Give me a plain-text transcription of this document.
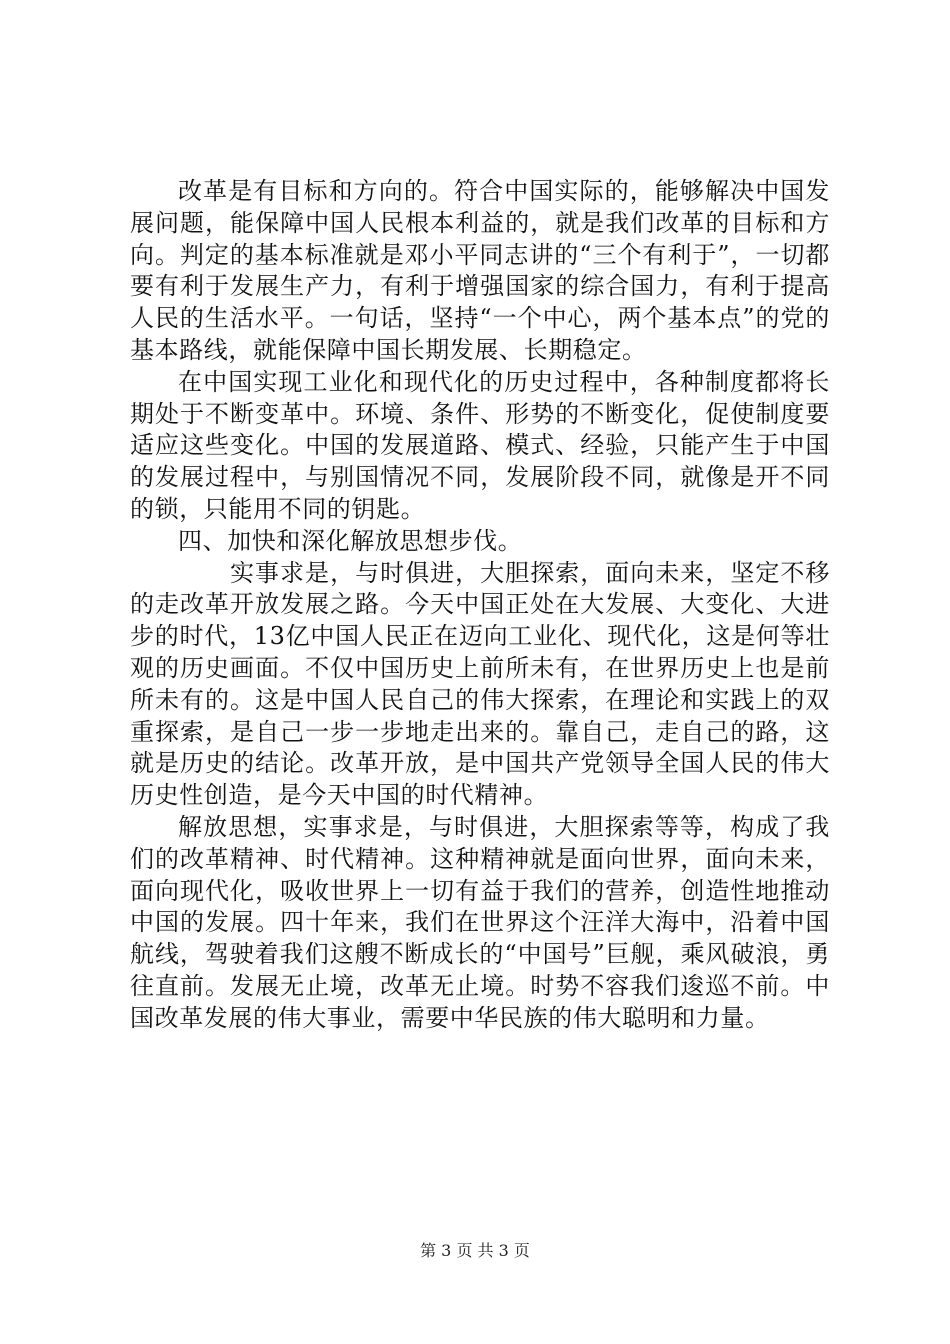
改革是有目标和方向的。符合中国实际的，能够解决中国发展问题，能保障中国人民根本利益的，就是我们改革的目标和方向。判定的基本标准就是邓小平同志讲的“三个有利于”，一切都要有利于发展生产力，有利于增强国家的综合国力，有利于提高人民的生活水平。一句话，坚持“一个中心，两个基本点”的党的基本路线，就能保障中国长期发展、长期稳定。

在中国实现工业化和现代化的历史过程中，各种制度都将长期处于不断变革中。环境、条件、形势的不断变化，促使制度要适应这些变化。中国的发展道路、模式、经验，只能产生于中国的发展过程中，与别国情况不同，发展阶段不同，就像是开不同的锁，只能用不同的钥匙。

四、加快和深化解放思想步伐。

实事求是，与时俱进，大胆探索，面向未来，坚定不移的走改革开放发展之路。今天中国正处在大发展、大变化、大进步的时代，13亿中国人民正在迈向工业化、现代化，这是何等壮观的历史画面。不仅中国历史上前所未有，在世界历史上也是前所未有的。这是中国人民自己的伟大探索，在理论和实践上的双重探索，是自己一步一步地走出来的。靠自己，走自己的路，这就是历史的结论。改革开放，是中国共产党领导全国人民的伟大历史性创造，是今天中国的时代精神。

解放思想，实事求是，与时俱进，大胆探索等等，构成了我们的改革精神、时代精神。这种精神就是面向世界，面向未来，面向现代化，吸收世界上一切有益于我们的营养，创造性地推动中国的发展。四十年来，我们在世界这个汪洋大海中，沿着中国航线，驾驶着我们这艘不断成长的“中国号”巨舰，乘风破浪，勇往直前。发展无止境，改革无止境。时势不容我们逡巡不前。中国改革发展的伟大事业，需要中华民族的伟大聪明和力量。

第 3 页 共 3 页
